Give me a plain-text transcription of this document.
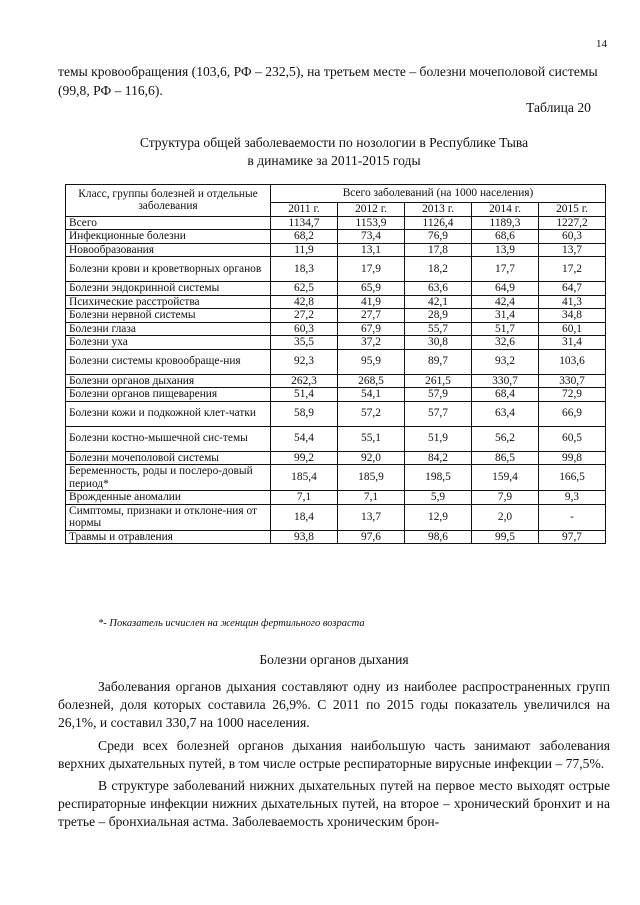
14

темы кровообращения (103,6, РФ – 232,5), на третьем месте – болезни мочеполовой системы (99,8, РФ – 116,6).

Таблица 20
Структура общей заболеваемости по нозологии в Республике Тыва
в динамике за 2011-2015 годы
Класс, группы болезней и отдельные заболевания	Всего заболеваний (на 1000 населения)				
	2011 г.	2012 г.	2013 г.	2014 г.	2015 г.
Всего	1134,7	1153,9	1126,4	1189,3	1227,2
Инфекционные болезни	68,2	73,4	76,9	68,6	60,3
Новообразования	11,9	13,1	17,8	13,9	13,7
Болезни крови и кроветворных органов	18,3	17,9	18,2	17,7	17,2
Болезни эндокринной системы	62,5	65,9	63,6	64,9	64,7
Психические расстройства	42,8	41,9	42,1	42,4	41,3
Болезни нервной системы	27,2	27,7	28,9	31,4	34,8
Болезни глаза	60,3	67,9	55,7	51,7	60,1
Болезни уха	35,5	37,2	30,8	32,6	31,4
Болезни системы кровообраще-ния	92,3	95,9	89,7	93,2	103,6
Болезни органов дыхания	262,3	268,5	261,5	330,7	330,7
Болезни органов пищеварения	51,4	54,1	57,9	68,4	72,9
Болезни кожи и подкожной клет-чатки	58,9	57,2	57,7	63,4	66,9
Болезни костно-мышечной сис-темы	54,4	55,1	51,9	56,2	60,5
Болезни мочеполовой системы	99,2	92,0	84,2	86,5	99,8
Беременность, роды и послеро-довый период*	185,4	185,9	198,5	159,4	166,5
Врожденные аномалии	7,1	7,1	5,9	7,9	9,3
Симптомы, признаки и отклоне-ния от нормы	18,4	13,7	12,9	2,0	-
Травмы и отравления	93,8	97,6	98,6	99,5	97,7
*- Показатель исчислен на женщин фертильного возраста
Болезни органов дыхания

Заболевания органов дыхания составляют одну из наиболее распространенных групп болезней, доля которых составила 26,9%. С 2011 по 2015 годы показатель увеличился на 26,1%, и составил 330,7 на 1000 населения.

Среди всех болезней органов дыхания наибольшую часть занимают заболевания верхних дыхательных путей, в том числе острые респираторные вирусные инфекции – 77,5%.

В структуре заболеваний нижних дыхательных путей на первое место выходят острые респираторные инфекции нижних дыхательных путей, на второе – хронический бронхит и на третье – бронхиальная астма. Заболеваемость хроническим брон-
